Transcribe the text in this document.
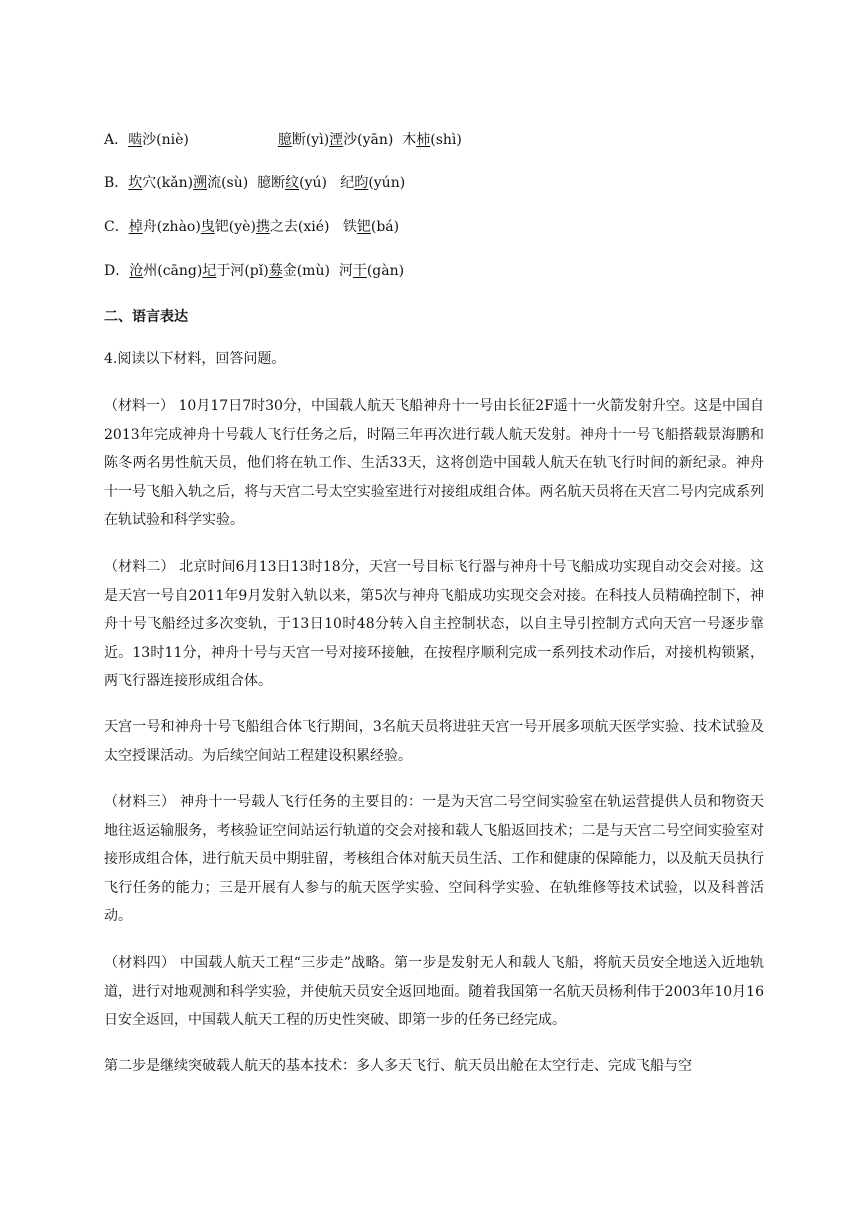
A．啮沙(niè)	臆断(yì)湮沙(yān)  木柿(shì)
B．坎穴(kǎn)溯流(sù)  臆断纹(yú)   纪昀(yún)
C．棹舟(zhào)曳钯(yè)携之去(xié)   铁钯(bá)
D．沧州(cāng)圮于河(pǐ)募金(mù)  河干(gàn)
二、语言表达
4.阅读以下材料，回答问题。
（材料一） 10月17日7时30分，中国载人航天飞船神舟十一号由长征2F遥十一火箭发射升空。这是中国自2013年完成神舟十号载人飞行任务之后，时隔三年再次进行载人航天发射。神舟十一号飞船搭载景海鹏和陈冬两名男性航天员，他们将在轨工作、生活33天，这将创造中国载人航天在轨飞行时间的新纪录。神舟十一号飞船入轨之后，将与天宫二号太空实验室进行对接组成组合体。两名航天员将在天宫二号内完成系列在轨试验和科学实验。
（材料二） 北京时间6月13日13时18分，天宫一号目标飞行器与神舟十号飞船成功实现自动交会对接。这是天宫一号自2011年9月发射入轨以来，第5次与神舟飞船成功实现交会对接。在科技人员精确控制下，神舟十号飞船经过多次变轨，于13日10时48分转入自主控制状态，以自主导引控制方式向天宫一号逐步靠近。13时11分，神舟十号与天宫一号对接环接触，在按程序顺利完成一系列技术动作后，对接机构锁紧，两飞行器连接形成组合体。
天宫一号和神舟十号飞船组合体飞行期间，3名航天员将进驻天宫一号开展多项航天医学实验、技术试验及太空授课活动。为后续空间站工程建设积累经验。
（材料三） 神舟十一号载人飞行任务的主要目的：一是为天宫二号空间实验室在轨运营提供人员和物资天地往返运输服务，考核验证空间站运行轨道的交会对接和载人飞船返回技术；二是与天宫二号空间实验室对接形成组合体，进行航天员中期驻留，考核组合体对航天员生活、工作和健康的保障能力，以及航天员执行飞行任务的能力；三是开展有人参与的航天医学实验、空间科学实验、在轨维修等技术试验，以及科普活动。
（材料四） 中国载人航天工程“三步走”战略。第一步是发射无人和载人飞船，将航天员安全地送入近地轨道，进行对地观测和科学实验，并使航天员安全返回地面。随着我国第一名航天员杨利伟于2003年10月16日安全返回，中国载人航天工程的历史性突破、即第一步的任务已经完成。
第二步是继续突破载人航天的基本技术：多人多天飞行、航天员出舱在太空行走、完成飞船与空
